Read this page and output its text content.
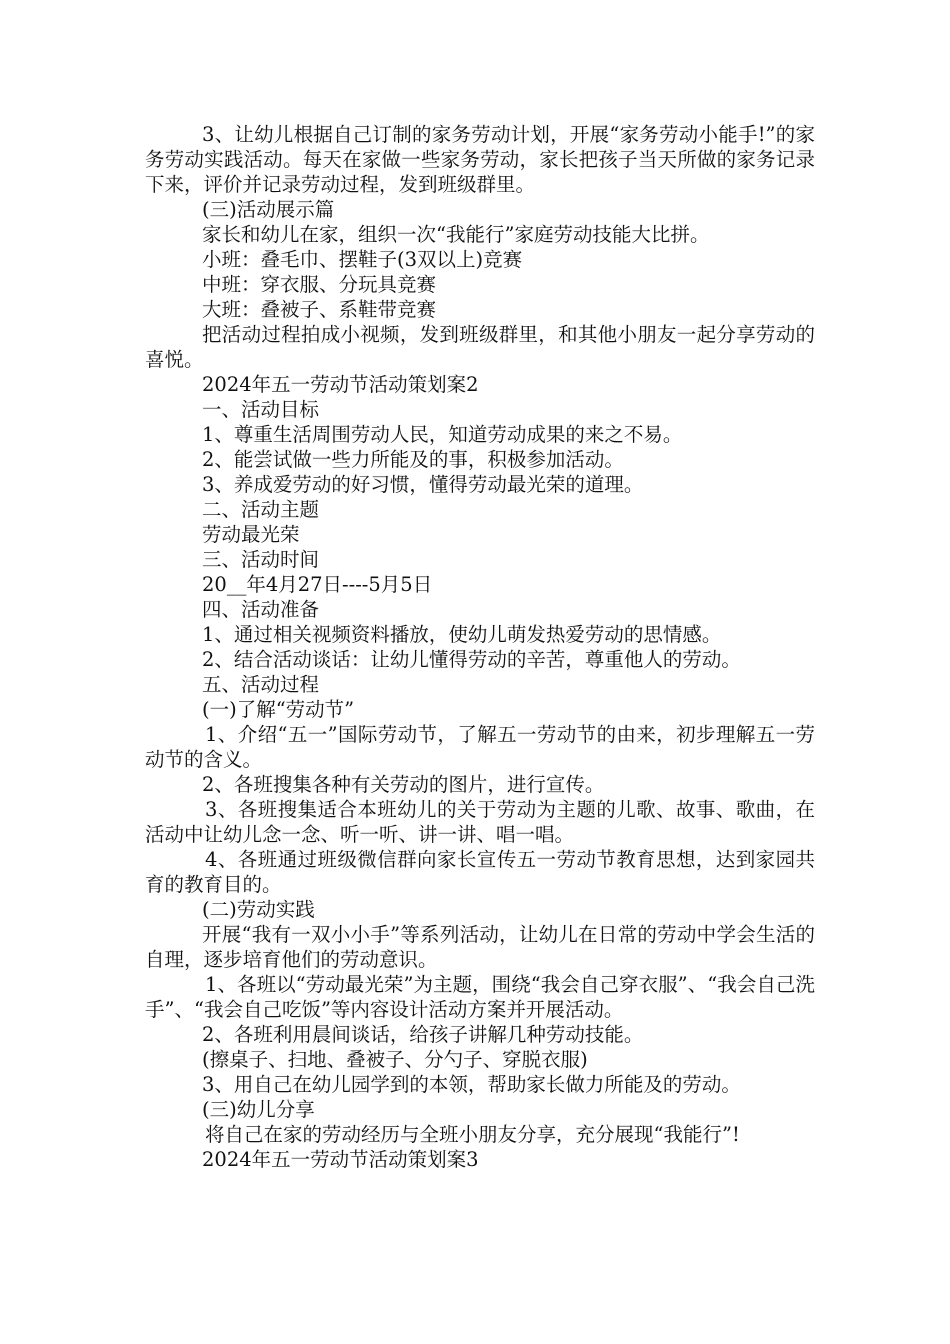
3、让幼儿根据自己订制的家务劳动计划，开展“家务劳动小能手!”的家务劳动实践活动。每天在家做一些家务劳动，家长把孩子当天所做的家务记录下来，评价并记录劳动过程，发到班级群里。

(三)活动展示篇

家长和幼儿在家，组织一次“我能行”家庭劳动技能大比拼。

小班：叠毛巾、摆鞋子(3双以上)竞赛

中班：穿衣服、分玩具竞赛

大班：叠被子、系鞋带竞赛

把活动过程拍成小视频，发到班级群里，和其他小朋友一起分享劳动的喜悦。

2024年五一劳动节活动策划案2

一、活动目标

1、尊重生活周围劳动人民，知道劳动成果的来之不易。

2、能尝试做一些力所能及的事，积极参加活动。

3、养成爱劳动的好习惯，懂得劳动最光荣的道理。

二、活动主题

劳动最光荣

三、活动时间

20__年4月27日----5月5日

四、活动准备

1、通过相关视频资料播放，使幼儿萌发热爱劳动的思情感。

2、结合活动谈话：让幼儿懂得劳动的辛苦，尊重他人的劳动。

五、活动过程

(一)了解“劳动节”

1、介绍“五一”国际劳动节，了解五一劳动节的由来，初步理解五一劳动节的含义。

2、各班搜集各种有关劳动的图片，进行宣传。

3、各班搜集适合本班幼儿的关于劳动为主题的儿歌、故事、歌曲，在活动中让幼儿念一念、听一听、讲一讲、唱一唱。

4、各班通过班级微信群向家长宣传五一劳动节教育思想，达到家园共育的教育目的。

(二)劳动实践

开展“我有一双小小手”等系列活动，让幼儿在日常的劳动中学会生活的自理，逐步培育他们的劳动意识。

1、各班以“劳动最光荣”为主题，围绕“我会自己穿衣服”、“我会自己洗手”、“我会自己吃饭”等内容设计活动方案并开展活动。

2、各班利用晨间谈话，给孩子讲解几种劳动技能。

(擦桌子、扫地、叠被子、分勺子、穿脱衣服)

3、用自己在幼儿园学到的本领，帮助家长做力所能及的劳动。

(三)幼儿分享

将自己在家的劳动经历与全班小朋友分享，充分展现“我能行”!

2024年五一劳动节活动策划案3
